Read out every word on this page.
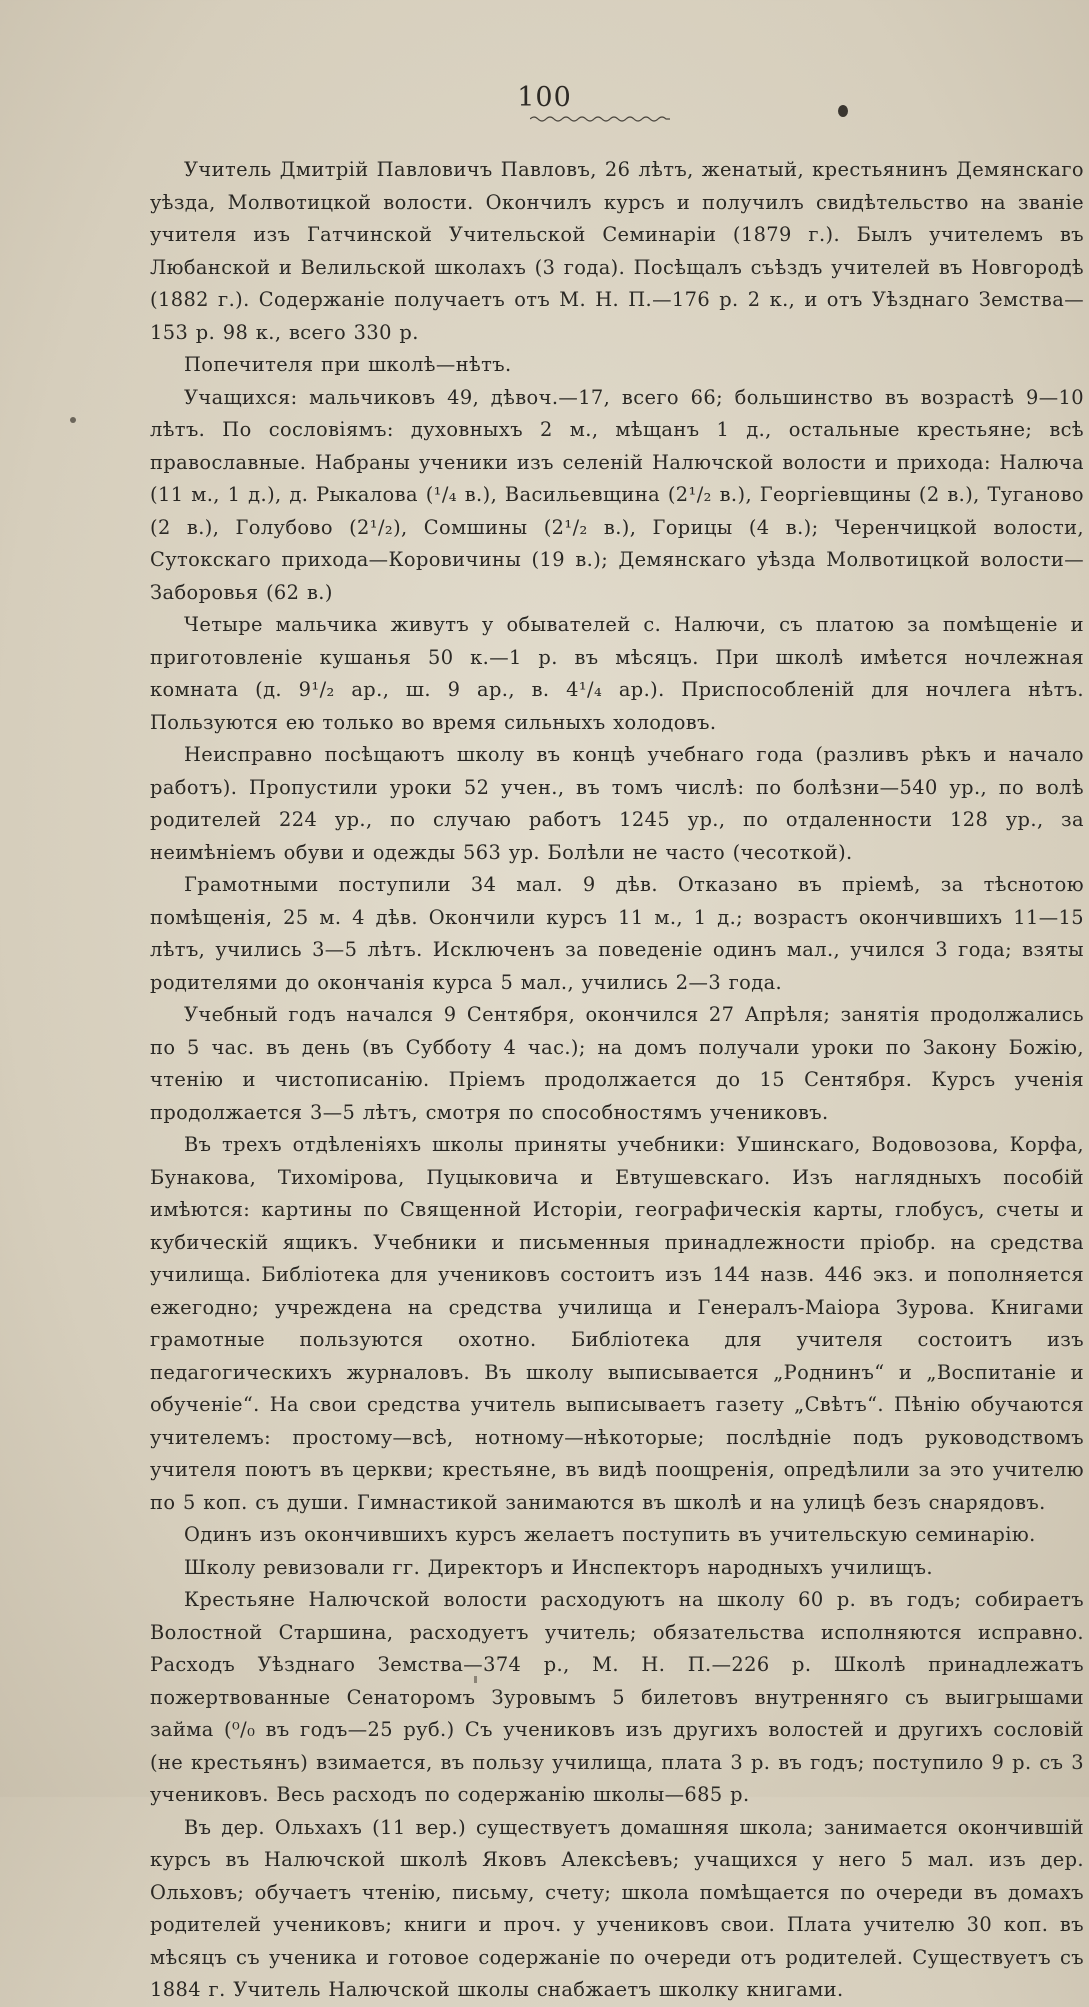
100

Учитель Дмитрій Павловичъ Павловъ, 26 лѣтъ, женатый, крестьянинъ Демянскаго уѣзда, Молвотицкой волости. Окончилъ курсъ и получилъ свидѣтельство на званіе учителя изъ Гатчинской Учительской Семинаріи (1879 г.). Былъ учителемъ въ Любанской и Велильской школахъ (3 года). Посѣщалъ съѣздъ учителей въ Новгородѣ (1882 г.). Содержаніе получаетъ отъ М. Н. П.—176 р. 2 к., и отъ Уѣзднаго Земства—153 р. 98 к., всего 330 р.

Попечителя при школѣ—нѣтъ.

Учащихся: мальчиковъ 49, дѣвоч.—17, всего 66; большинство въ возрастѣ 9—10 лѣтъ. По сословіямъ: духовныхъ 2 м., мѣщанъ 1 д., остальные крестьяне; всѣ православные. Набраны ученики изъ селеній Налючской волости и прихода: Налюча (11 м., 1 д.), д. Рыкалова (¹/₄ в.), Васильевщина (2¹/₂ в.), Георгіевщины (2 в.), Туганово (2 в.), Голубово (2¹/₂), Сомшины (2¹/₂ в.), Горицы (4 в.); Черенчицкой волости, Сутокскаго прихода—Коровичины (19 в.); Демянскаго уѣзда Молвотицкой волости—Заборовья (62 в.)

Четыре мальчика живутъ у обывателей с. Налючи, съ платою за помѣщеніе и приготовленіе кушанья 50 к.—1 р. въ мѣсяцъ. При школѣ имѣется ночлежная комната (д. 9¹/₂ ар., ш. 9 ар., в. 4¹/₄ ар.). Приспособленій для ночлега нѣтъ. Пользуются ею только во время сильныхъ холодовъ.

Неисправно посѣщаютъ школу въ концѣ учебнаго года (разливъ рѣкъ и начало работъ). Пропустили уроки 52 учен., въ томъ числѣ: по болѣзни—540 ур., по волѣ родителей 224 ур., по случаю работъ 1245 ур., по отдаленности 128 ур., за неимѣніемъ обуви и одежды 563 ур. Болѣли не часто (чесоткой).

Грамотными поступили 34 мал. 9 дѣв. Отказано въ пріемѣ, за тѣснотою помѣщенія, 25 м. 4 дѣв. Окончили курсъ 11 м., 1 д.; возрастъ окончившихъ 11—15 лѣтъ, учились 3—5 лѣтъ. Исключенъ за поведеніе одинъ мал., учился 3 года; взяты родителями до окончанія курса 5 мал., учились 2—3 года.

Учебный годъ начался 9 Сентября, окончился 27 Апрѣля; занятія продолжались по 5 час. въ день (въ Субботу 4 час.); на домъ получали уроки по Закону Божію, чтенію и чистописанію. Пріемъ продолжается до 15 Сентября. Курсъ ученія продолжается 3—5 лѣтъ, смотря по способностямъ учениковъ.

Въ трехъ отдѣленіяхъ школы приняты учебники: Ушинскаго, Водовозова, Корфа, Бунакова, Тихоміровa, Пуцыковича и Евтушевскаго. Изъ наглядныхъ пособій имѣются: картины по Священной Исторіи, географическія карты, глобусъ, счеты и кубическій ящикъ. Учебники и письменныя принадлежности пріобр. на средства училища. Библіотека для учениковъ состоитъ изъ 144 назв. 446 экз. и пополняется ежегодно; учреждена на средства училища и Генералъ-Маіора Зурова. Книгами грамотные пользуются охотно. Библіотека для учителя состоитъ изъ педагогическихъ журналовъ. Въ школу выписывается „Роднинъ“ и „Воспитаніе и обученіе“. На свои средства учитель выписываетъ газету „Свѣтъ“. Пѣнію обучаются учителемъ: простому—всѣ, нотному—нѣкоторые; послѣдніе подъ руководствомъ учителя поютъ въ церкви; крестьяне, въ видѣ поощренія, опредѣлили за это учителю по 5 коп. съ души. Гимнастикой занимаются въ школѣ и на улицѣ безъ снарядовъ.

Одинъ изъ окончившихъ курсъ желаетъ поступить въ учительскую семинарію.

Школу ревизовали гг. Директоръ и Инспекторъ народныхъ училищъ.

Крестьяне Налючской волости расходуютъ на школу 60 р. въ годъ; собираетъ Волостной Старшина, расходуетъ учитель; обязательства исполняются исправно. Расходъ Уѣзднаго Земства—374 р., М. Н. П.—226 р. Школѣ принадлежатъ пожертвованные Сенаторомъ Зуровымъ 5 билетовъ внутренняго съ выигрышами займа (⁰/₀ въ годъ—25 руб.) Съ учениковъ изъ другихъ волостей и другихъ сословій (не крестьянъ) взимается, въ пользу училища, плата 3 р. въ годъ; поступило 9 р. съ 3 учениковъ. Весь расходъ по содержанію школы—685 р.

Въ дер. Ольхахъ (11 вер.) существуетъ домашняя школа; занимается окончившій курсъ въ Налючской школѣ Яковъ Алексѣевъ; учащихся у него 5 мал. изъ дер. Ольховъ; обучаетъ чтенію, письму, счету; школа помѣщается по очереди въ домахъ родителей учениковъ; книги и проч. у учениковъ свои. Плата учителю 30 коп. въ мѣсяцъ съ ученика и готовое содержаніе по очереди отъ родителей. Существуетъ съ 1884 г. Учитель Налючской школы снабжаетъ школку книгами.
